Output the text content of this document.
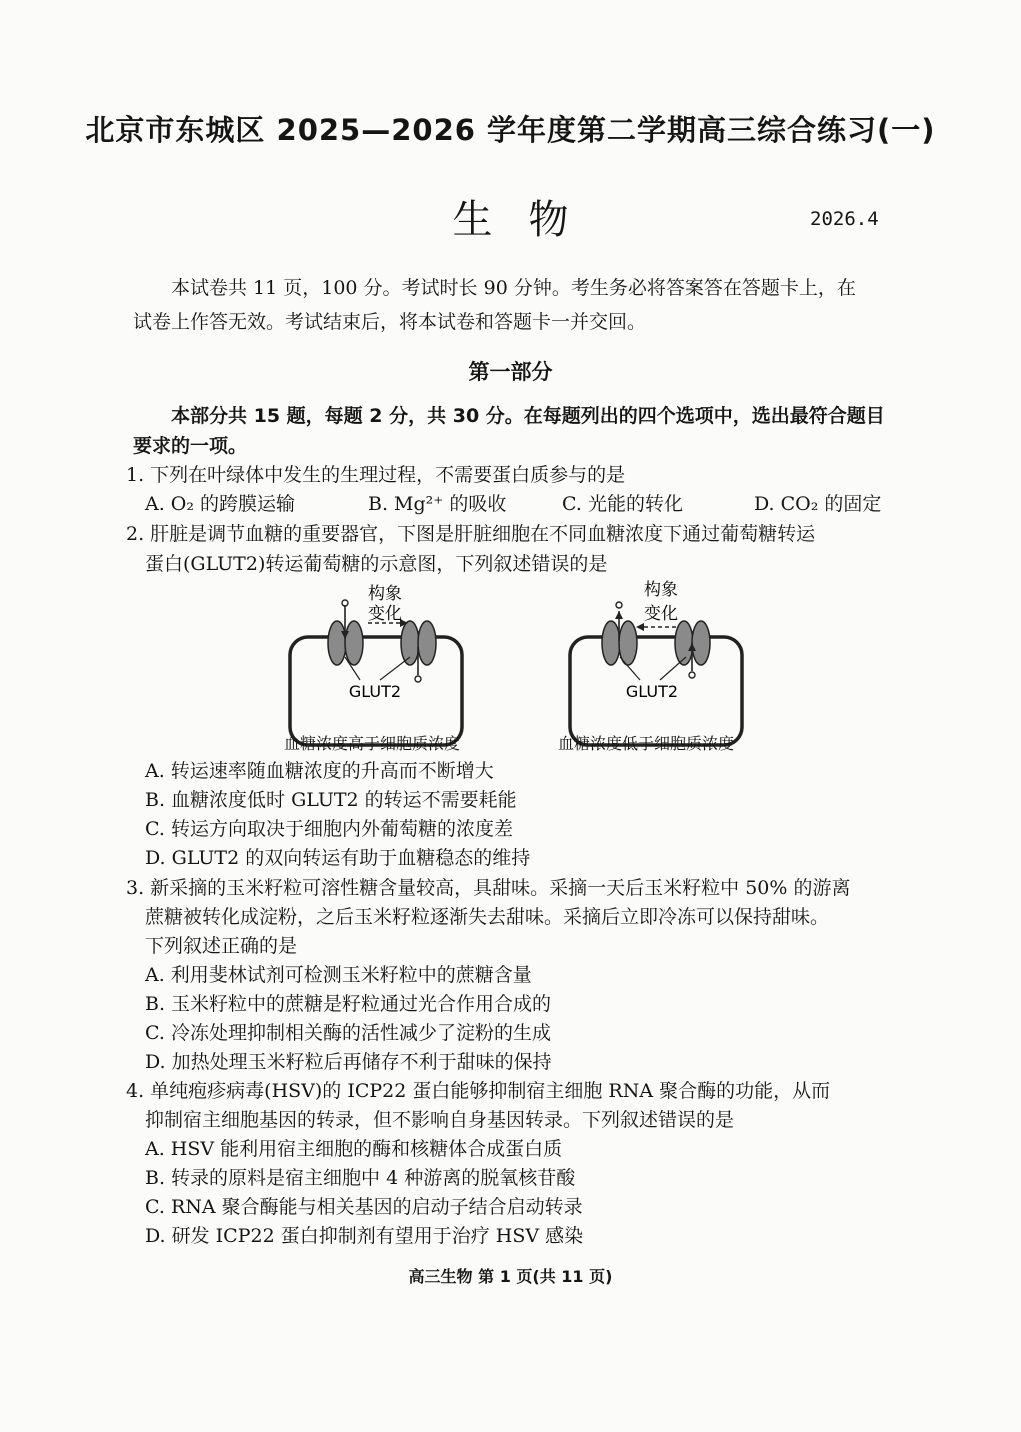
北京市东城区 2025—2026 学年度第二学期高三综合练习(一)
生物	2026.4
本试卷共 11 页，100 分。考试时长 90 分钟。考生务必将答案答在答题卡上，在
试卷上作答无效。考试结束后，将本试卷和答题卡一并交回。
第一部分
本部分共 15 题，每题 2 分，共 30 分。在每题列出的四个选项中，选出最符合题目
要求的一项。
1. 下列在叶绿体中发生的生理过程，不需要蛋白质参与的是
A. O₂ 的跨膜运输	B. Mg²⁺ 的吸收	C. 光能的转化	D. CO₂ 的固定
2. 肝脏是调节血糖的重要器官，下图是肝脏细胞在不同血糖浓度下通过葡萄糖转运
蛋白(GLUT2)转运葡萄糖的示意图，下列叙述错误的是
构象
变化
GLUT2
构象
变化
GLUT2
血糖浓度高于细胞质浓度	血糖浓度低于细胞质浓度
A. 转运速率随血糖浓度的升高而不断增大
B. 血糖浓度低时 GLUT2 的转运不需要耗能
C. 转运方向取决于细胞内外葡萄糖的浓度差
D. GLUT2 的双向转运有助于血糖稳态的维持
3. 新采摘的玉米籽粒可溶性糖含量较高，具甜味。采摘一天后玉米籽粒中 50% 的游离
蔗糖被转化成淀粉，之后玉米籽粒逐渐失去甜味。采摘后立即冷冻可以保持甜味。
下列叙述正确的是
A. 利用斐林试剂可检测玉米籽粒中的蔗糖含量
B. 玉米籽粒中的蔗糖是籽粒通过光合作用合成的
C. 冷冻处理抑制相关酶的活性减少了淀粉的生成
D. 加热处理玉米籽粒后再储存不利于甜味的保持
4. 单纯疱疹病毒(HSV)的 ICP22 蛋白能够抑制宿主细胞 RNA 聚合酶的功能，从而
抑制宿主细胞基因的转录，但不影响自身基因转录。下列叙述错误的是
A. HSV 能利用宿主细胞的酶和核糖体合成蛋白质
B. 转录的原料是宿主细胞中 4 种游离的脱氧核苷酸
C. RNA 聚合酶能与相关基因的启动子结合启动转录
D. 研发 ICP22 蛋白抑制剂有望用于治疗 HSV 感染
高三生物 第 1 页(共 11 页)
